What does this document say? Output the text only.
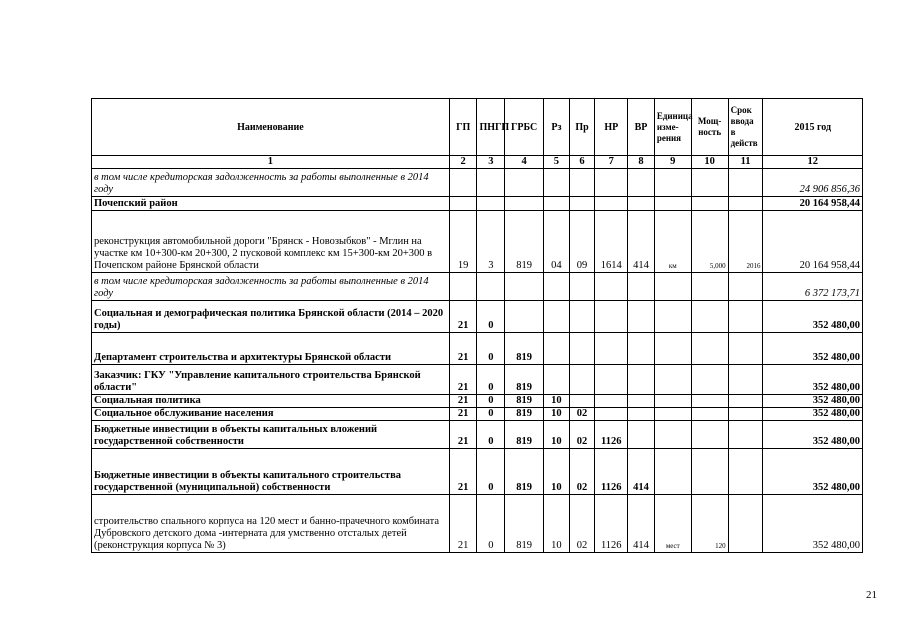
Наименование	ГП	ПНГП	ГРБС	Рз	Пр	НР	ВР	Единица изме-рения	Мощ-ность	Срок ввода в действ	2015 год
1	2	3	4	5	6	7	8	9	10	11	12
в том числе кредиторская задолженность за работы выполненные в 2014 году											24 906 856,36
Почепский район											20 164 958,44
реконструкция автомобильной дороги "Брянск - Новозыбков" - Мглин на участке км 10+300-км 20+300, 2 пусковой комплекс км 15+300-км 20+300 в Почепском районе Брянской области	19	3	819	04	09	1614	414	км	5,000	2016	20 164 958,44
в том числе кредиторская задолженность за работы выполненные в 2014 году											6 372 173,71
Социальная и демографическая политика Брянской области (2014 – 2020 годы)	21	0									352 480,00
Департамент строительства и архитектуры Брянской области	21	0	819								352 480,00
Заказчик: ГКУ "Управление капитального строительства Брянской области"	21	0	819								352 480,00
Социальная политика	21	0	819	10							352 480,00
Социальное обслуживание населения	21	0	819	10	02						352 480,00
Бюджетные инвестиции в объекты капитальных вложений государственной собственности	21	0	819	10	02	1126					352 480,00
Бюджетные инвестиции в объекты капитального строительства государственной (муниципальной) собственности	21	0	819	10	02	1126	414				352 480,00
строительство спального корпуса на 120 мест и банно-прачечного комбината Дубровского детского дома -интерната для умственно отсталых детей (реконструкция корпуса № 3)	21	0	819	10	02	1126	414	мест	120		352 480,00
21
